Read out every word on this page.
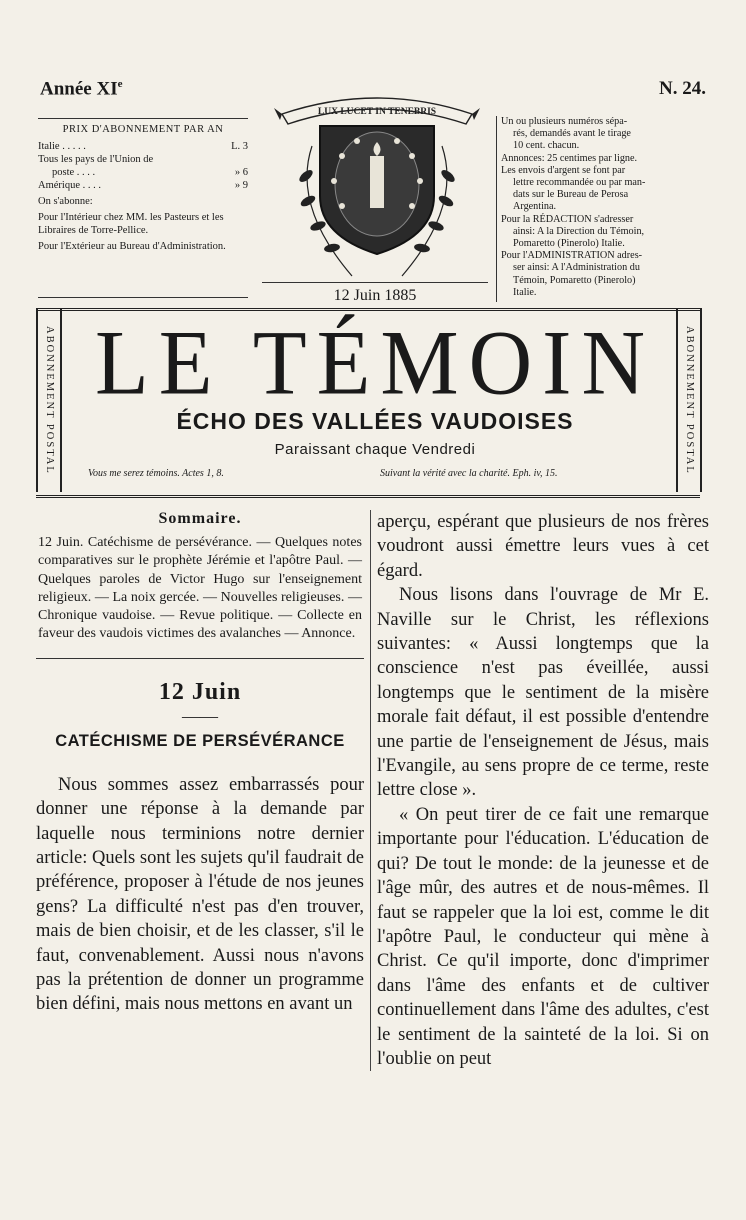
Année XIe	N. 24.
PRIX D'ABONNEMENT PAR AN
Italie . . . . .	L. 3
Tous les pays de l'Union de
poste . . . .	» 6
Amérique . . . .	» 9
On s'abonne:
Pour l'Intérieur chez MM. les Pasteurs et les Libraires de Torre-Pellice.
Pour l'Extérieur au Bureau d'Administration.
LUX LUCET IN TENEBRIS
12 Juin 1885
Un ou plusieurs numéros sépa-
rés, demandés avant le tirage
10 cent. chacun.
Annonces: 25 centimes par ligne.
Les envois d'argent se font par
lettre recommandée ou par man-
dats sur le Bureau de Perosa
Argentina.
Pour la RÉDACTION s'adresser
ainsi: A la Direction du Témoin,
Pomaretto (Pinerolo) Italie.
Pour l'ADMINISTRATION adres-
ser ainsi: A l'Administration du
Témoin, Pomaretto (Pinerolo)
Italie.
ABONNEMENT POSTAL	ABONNEMENT POSTAL
LE TÉMOIN
ÉCHO DES VALLÉES VAUDOISES
Paraissant chaque Vendredi
Vous me serez témoins. Actes 1, 8.	Suivant la vérité avec la charité. Eph. iv, 15.
Sommaire.
12 Juin. Catéchisme de persévérance. — Quelques notes comparatives sur le prophète Jérémie et l'apôtre Paul. — Quelques paroles de Victor Hugo sur l'enseignement religieux. — La noix gercée. — Nouvelles religieuses. — Chronique vaudoise. — Revue politique. — Collecte en faveur des vaudois victimes des avalanches — Annonce.
12 Juin
——
CATÉCHISME DE PERSÉVÉRANCE
Nous sommes assez embarrassés pour donner une réponse à la demande par laquelle nous terminions notre dernier article: Quels sont les sujets qu'il faudrait de préférence, proposer à l'étude de nos jeunes gens? La difficulté n'est pas d'en trouver, mais de bien choisir, et de les classer, s'il le faut, convenablement. Aussi nous n'avons pas la prétention de donner un programme bien défini, mais nous mettons en avant un

aperçu, espérant que plusieurs de nos frères voudront aussi émettre leurs vues à cet égard.

Nous lisons dans l'ouvrage de Mr E. Naville sur le Christ, les réflexions suivantes: « Aussi longtemps que la conscience n'est pas éveillée, aussi longtemps que le sentiment de la misère morale fait défaut, il est possible d'entendre une partie de l'enseignement de Jésus, mais l'Evangile, au sens propre de ce terme, reste lettre close ».

« On peut tirer de ce fait une remarque importante pour l'éducation. L'éducation de qui? De tout le monde: de la jeunesse et de l'âge mûr, des autres et de nous-mêmes. Il faut se rappeler que la loi est, comme le dit l'apôtre Paul, le conducteur qui mène à Christ. Ce qu'il importe, donc d'imprimer dans l'âme des enfants et de cultiver continuellement dans l'âme des adultes, c'est le sentiment de la sainteté de la loi. Si on l'oublie on peut
